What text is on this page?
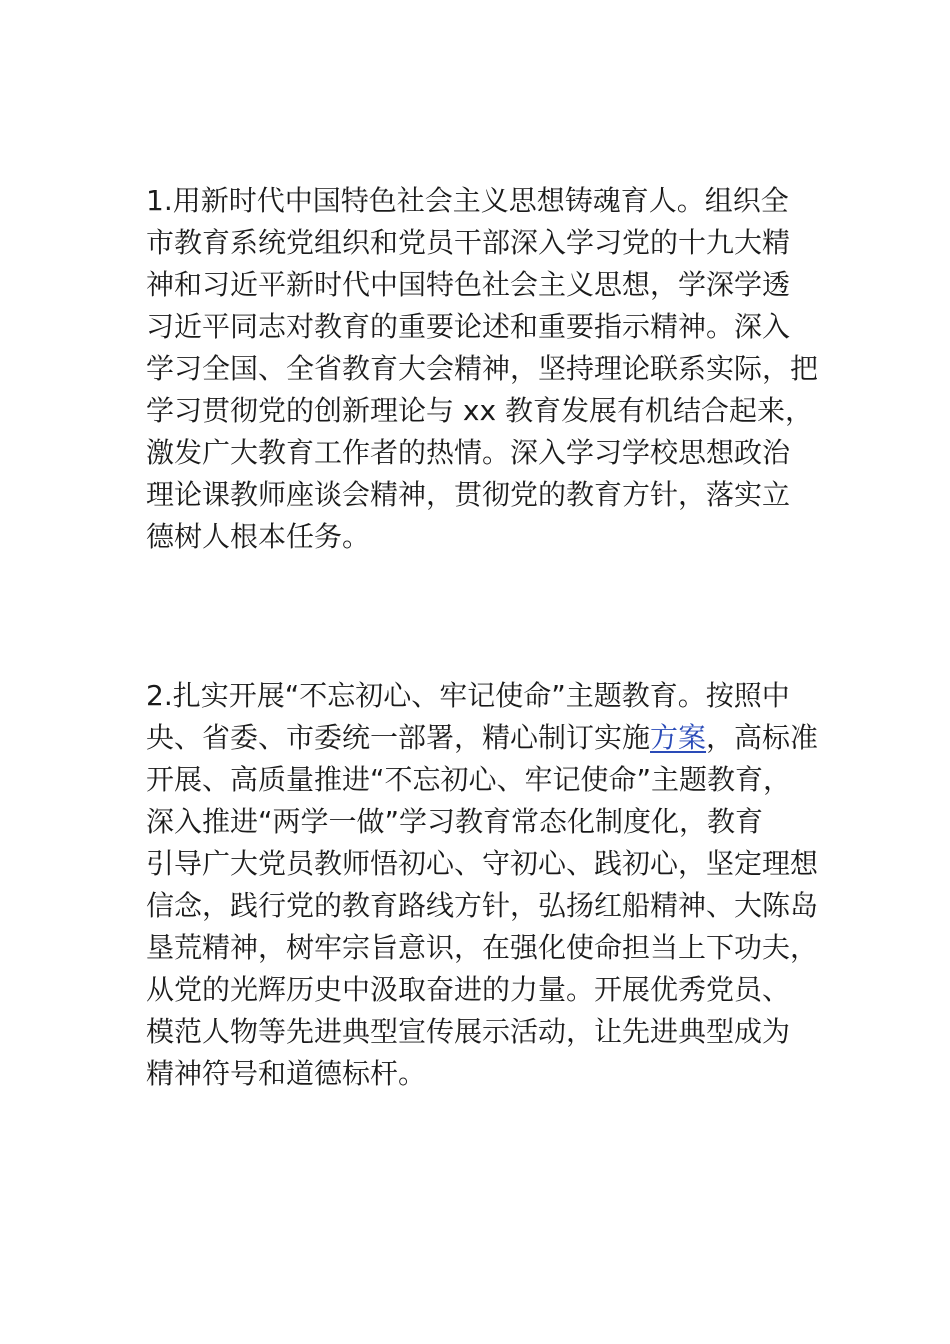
1.用新时代中国特色社会主义思想铸魂育人。组织全
市教育系统党组织和党员干部深入学习党的十九大精
神和习近平新时代中国特色社会主义思想，学深学透
习近平同志对教育的重要论述和重要指示精神。深入
学习全国、全省教育大会精神，坚持理论联系实际，把
学习贯彻党的创新理论与 xx 教育发展有机结合起来，
激发广大教育工作者的热情。深入学习学校思想政治
理论课教师座谈会精神，贯彻党的教育方针，落实立
德树人根本任务。
2.扎实开展“不忘初心、牢记使命”主题教育。按照中
央、省委、市委统一部署，精心制订实施方案，高标准
开展、高质量推进“不忘初心、牢记使命”主题教育，
深入推进“两学一做”学习教育常态化制度化，教育
引导广大党员教师悟初心、守初心、践初心，坚定理想
信念，践行党的教育路线方针，弘扬红船精神、大陈岛
垦荒精神，树牢宗旨意识，在强化使命担当上下功夫，
从党的光辉历史中汲取奋进的力量。开展优秀党员、
模范人物等先进典型宣传展示活动，让先进典型成为
精神符号和道德标杆。
